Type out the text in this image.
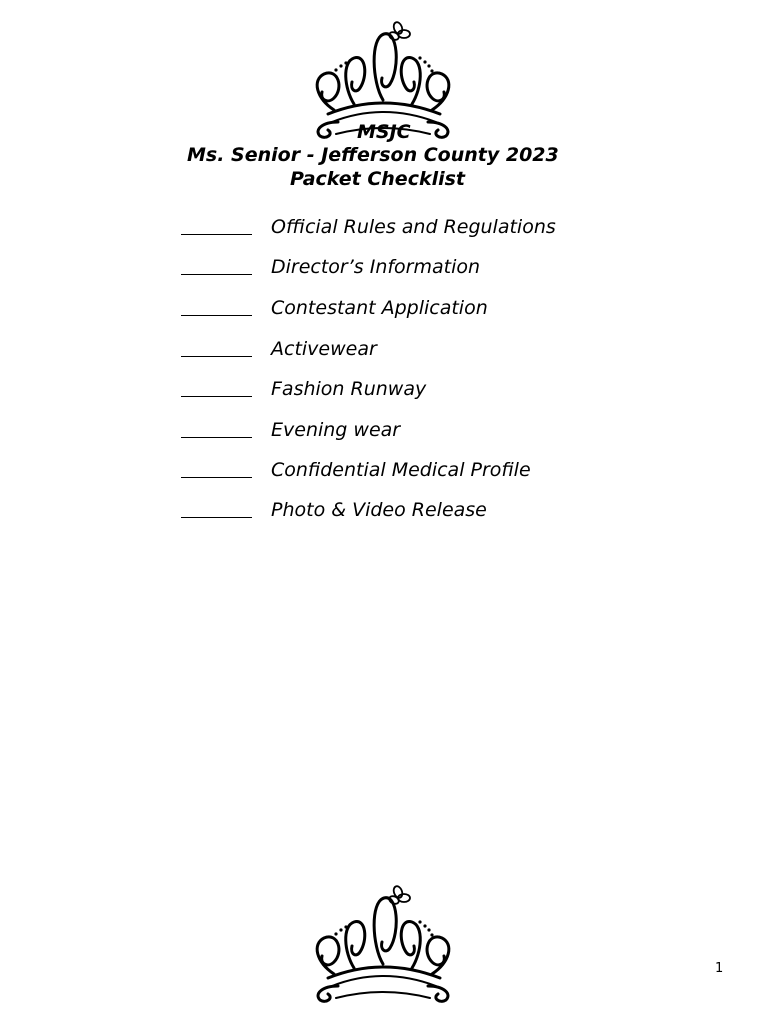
MSJC
Ms. Senior - Jefferson County 2023
Packet Checklist
Official Rules and Regulations
Director’s Information
Contestant Application
Activewear
Fashion Runway
Evening wear
Confidential Medical Profile
Photo & Video Release
1
